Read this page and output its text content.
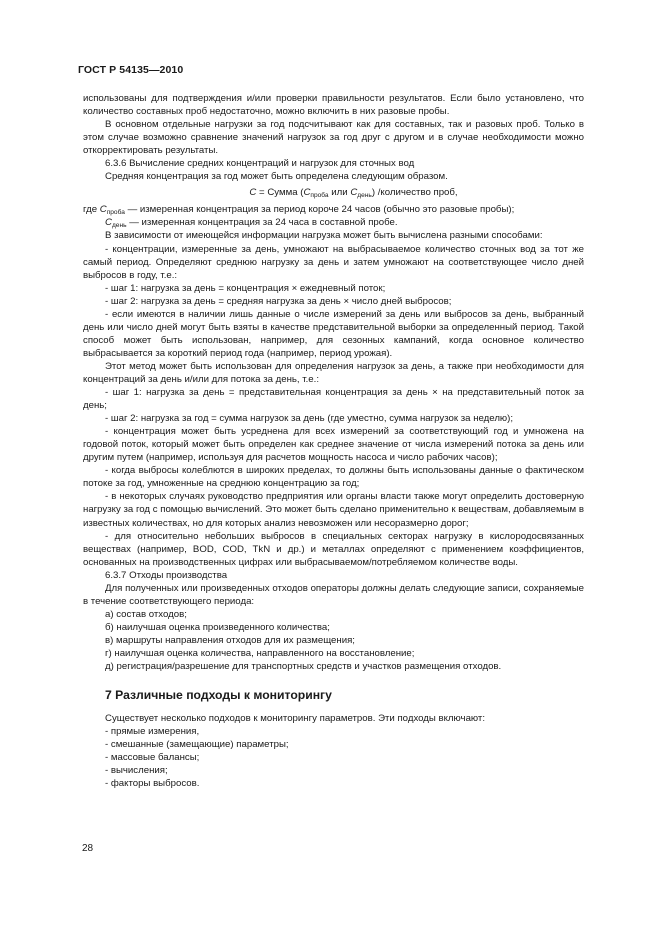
ГОСТ Р 54135—2010

использованы для подтверждения и/или проверки правильности результатов. Если было установлено, что количество составных проб недостаточно, можно включить в них разовые пробы.

В основном отдельные нагрузки за год подсчитывают как для составных, так и разовых проб. Только в этом случае возможно сравнение значений нагрузок за год друг с другом и в случае необходимости можно откорректировать результаты.

6.3.6 Вычисление средних концентраций и нагрузок для сточных вод

Средняя концентрация за год может быть определена следующим образом.

C = Сумма ($C_{проба}$ или $C_{день}$) /количество проб,

где $C_{проба}$ — измеренная концентрация за период короче 24 часов (обычно это разовые пробы);

$C_{день}$ — измеренная концентрация за 24 часа в составной пробе.

В зависимости от имеющейся информации нагрузка может быть вычислена разными способами:

- концентрации, измеренные за день, умножают на выбрасываемое количество сточных вод за тот же самый период. Определяют среднюю нагрузку за день и затем умножают на соответствующее число дней выбросов в году, т.е.:

- шаг 1: нагрузка за день = концентрация × ежедневный поток;

- шаг 2: нагрузка за день = средняя нагрузка за день × число дней выбросов;

- если имеются в наличии лишь данные о числе измерений за день или выбросов за день, выбранный день или число дней могут быть взяты в качестве представительной выборки за определенный период. Такой способ может быть использован, например, для сезонных кампаний, когда основное количество выбрасывается за короткий период года (например, период урожая).

Этот метод может быть использован для определения нагрузок за день, а также при необходимости для концентраций за день и/или для потока за день, т.е.:

- шаг 1: нагрузка за день = представительная концентрация за день × на представительный поток за день;

- шаг 2: нагрузка за год = сумма нагрузок за день (где уместно, сумма нагрузок за неделю);

- концентрация может быть усреднена для всех измерений за соответствующий год и умножена на годовой поток, который может быть определен как среднее значение от числа измерений потока за день или другим путем (например, используя для расчетов мощность насоса и число рабочих часов);

- когда выбросы колеблются в широких пределах, то должны быть использованы данные о фактическом потоке за год, умноженные на среднюю концентрацию за год;

- в некоторых случаях руководство предприятия или органы власти также могут определить достоверную нагрузку за год с помощью вычислений. Это может быть сделано применительно к веществам, добавляемым в известных количествах, но для которых анализ невозможен или несоразмерно дорог;

- для относительно небольших выбросов в специальных секторах нагрузку в кислородосвязанных веществах (например, BOD, COD, TkN и др.) и металлах определяют с применением коэффициентов, основанных на производственных цифрах или выбрасываемом/потребляемом количестве воды.

6.3.7 Отходы производства

Для полученных или произведенных отходов операторы должны делать следующие записи, сохраняемые в течение соответствующего периода:

а) состав отходов;

б) наилучшая оценка произведенного количества;

в) маршруты направления отходов для их размещения;

г) наилучшая оценка количества, направленного на восстановление;

д) регистрация/разрешение для транспортных средств и участков размещения отходов.

7 Различные подходы к мониторингу

Существует несколько подходов к мониторингу параметров. Эти подходы включают:

- прямые измерения,

- смешанные (замещающие) параметры;

- массовые балансы;

- вычисления;

- факторы выбросов.

28
